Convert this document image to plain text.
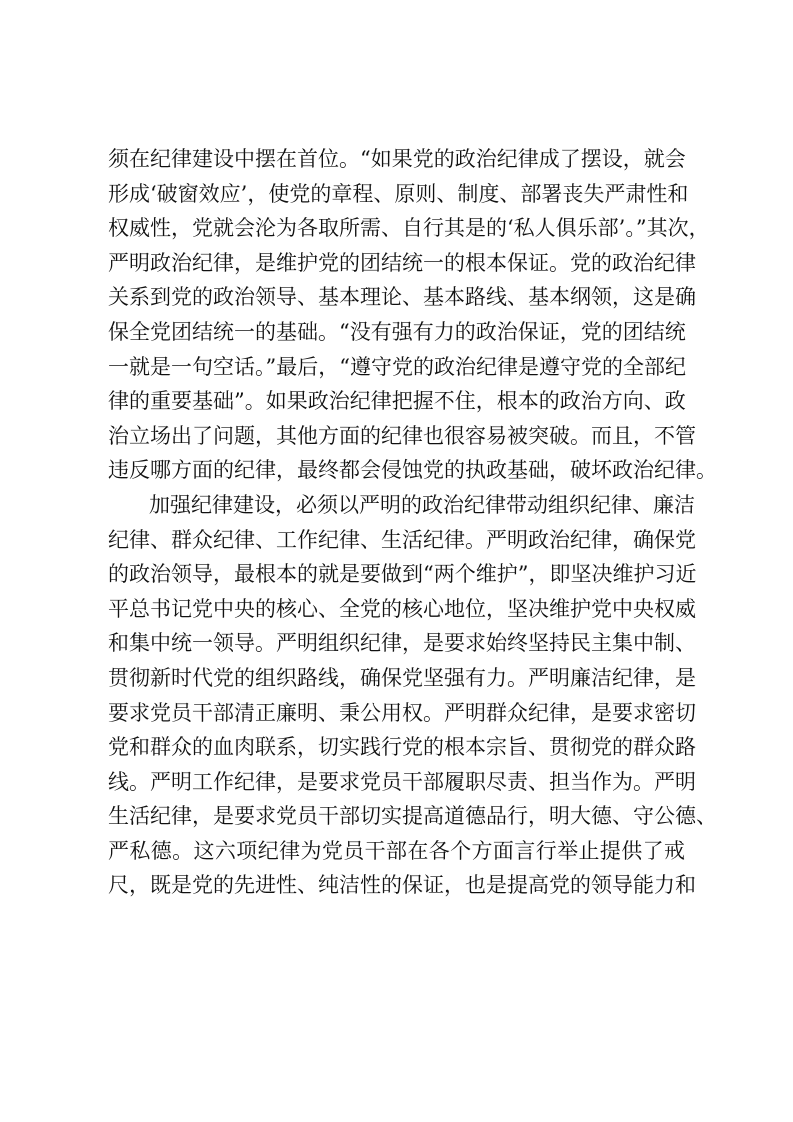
须在纪律建设中摆在首位。“如果党的政治纪律成了摆设，就会
形成‘破窗效应’，使党的章程、原则、制度、部署丧失严肃性和
权威性，党就会沦为各取所需、自行其是的‘私人俱乐部’。”其次，
严明政治纪律，是维护党的团结统一的根本保证。党的政治纪律
关系到党的政治领导、基本理论、基本路线、基本纲领，这是确
保全党团结统一的基础。“没有强有力的政治保证，党的团结统
一就是一句空话。”最后，“遵守党的政治纪律是遵守党的全部纪
律的重要基础”。如果政治纪律把握不住，根本的政治方向、政
治立场出了问题，其他方面的纪律也很容易被突破。而且，不管
违反哪方面的纪律，最终都会侵蚀党的执政基础，破坏政治纪律。
加强纪律建设，必须以严明的政治纪律带动组织纪律、廉洁
纪律、群众纪律、工作纪律、生活纪律。严明政治纪律，确保党
的政治领导，最根本的就是要做到“两个维护”，即坚决维护习近
平总书记党中央的核心、全党的核心地位，坚决维护党中央权威
和集中统一领导。严明组织纪律，是要求始终坚持民主集中制、
贯彻新时代党的组织路线，确保党坚强有力。严明廉洁纪律，是
要求党员干部清正廉明、秉公用权。严明群众纪律，是要求密切
党和群众的血肉联系，切实践行党的根本宗旨、贯彻党的群众路
线。严明工作纪律，是要求党员干部履职尽责、担当作为。严明
生活纪律，是要求党员干部切实提高道德品行，明大德、守公德、
严私德。这六项纪律为党员干部在各个方面言行举止提供了戒
尺，既是党的先进性、纯洁性的保证，也是提高党的领导能力和
